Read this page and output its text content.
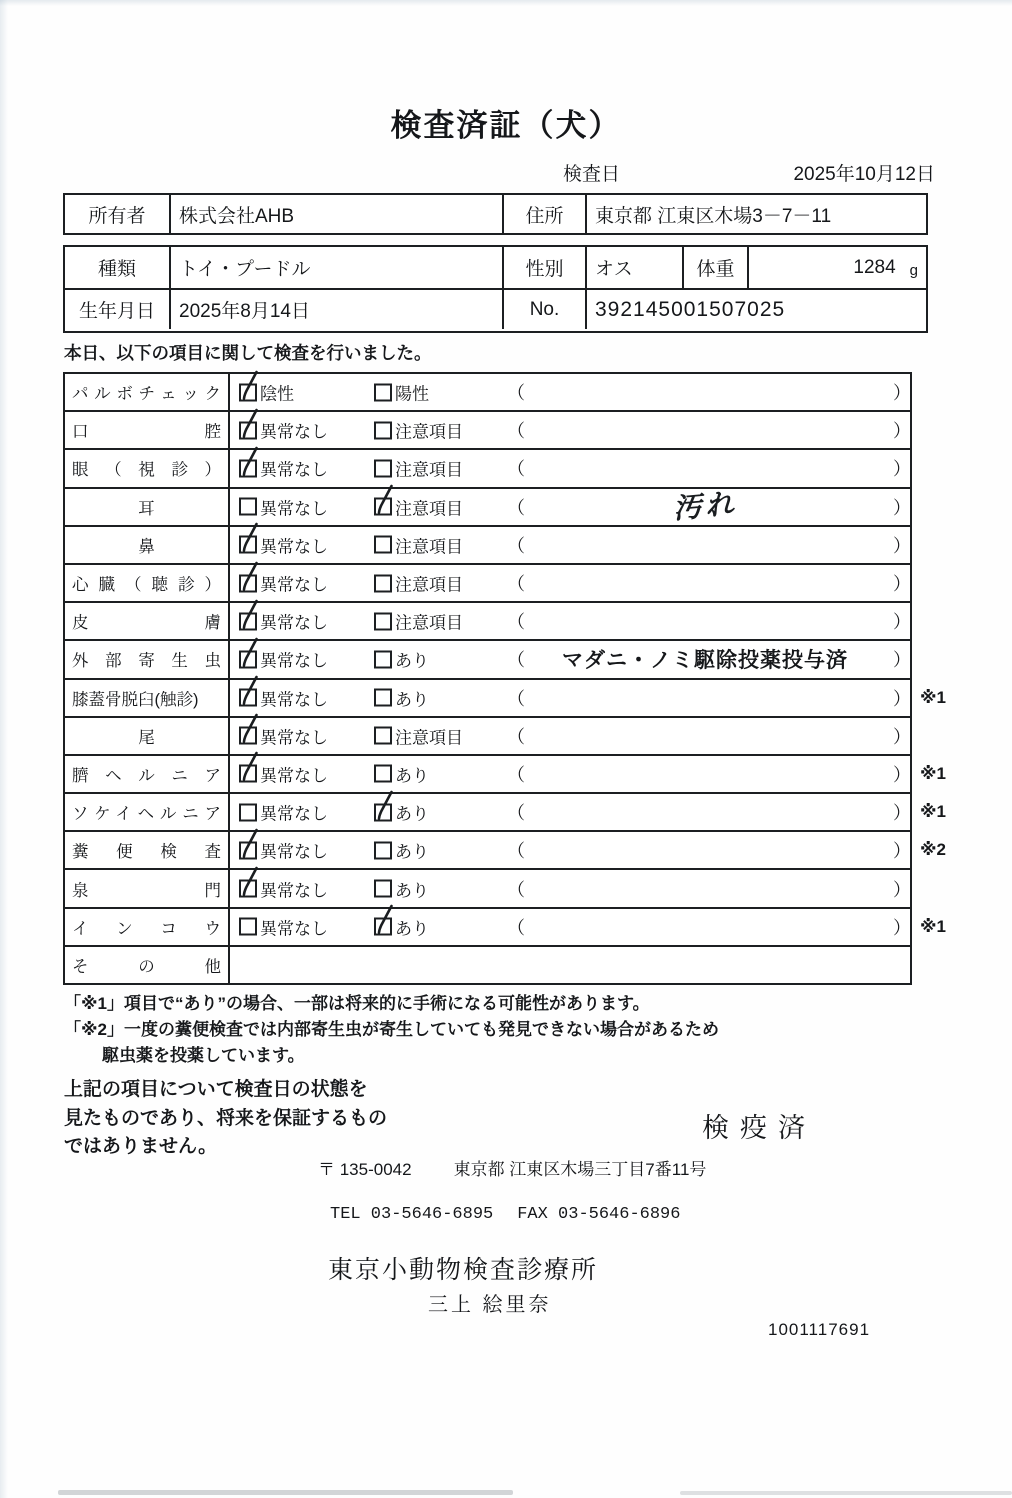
検査済証（犬）
検査日	2025年10月12日
所有者	株式会社AHB	住所	東京都 江東区木場3－7－11
種類	トイ・プードル	性別	オス	体重	1284 g
生年月日	2025年8月14日	No.	392145001507025
本日、以下の項目に関して検査を行いました。
パルボチェック 陰性	陽性	（	）
口腔 異常なし	注意項目 （	）
眼（視診） 異常なし	注意項目 （	）
耳	異常なし	注意項目 （	汚れ	）
鼻	異常なし	注意項目 （	）
心臓（聴診） 異常なし	注意項目 （	）
皮膚 異常なし	注意項目 （	）
外部寄生虫 異常なし	あり	（	マダニ・ノミ駆除投薬投与済	）
膝蓋骨脱臼(触診)	異常なし	あり	（	） ※1
尾	異常なし	注意項目 （	）
臍ヘルニア 異常なし	あり	（	） ※1
ソケイヘルニア 異常なし	あり	（	） ※1
糞便検査 異常なし	あり	（	） ※2
泉門 異常なし	あり	（	）
インコウ 異常なし	あり	（	） ※1
その他
「※1」項目で“あり”の場合、一部は将来的に手術になる可能性があります。
「※2」一度の糞便検査では内部寄生虫が寄生していても発見できない場合があるため
駆虫薬を投薬しています。
上記の項目について検査日の状態を
見たものであり、将来を保証するもの
ではありません。
検疫済
〒 135-0042 東京都 江東区木場三丁目7番11号
TEL 03-5646-6895 FAX 03-5646-6896
東京小動物検査診療所
三上 絵里奈
1001117691
